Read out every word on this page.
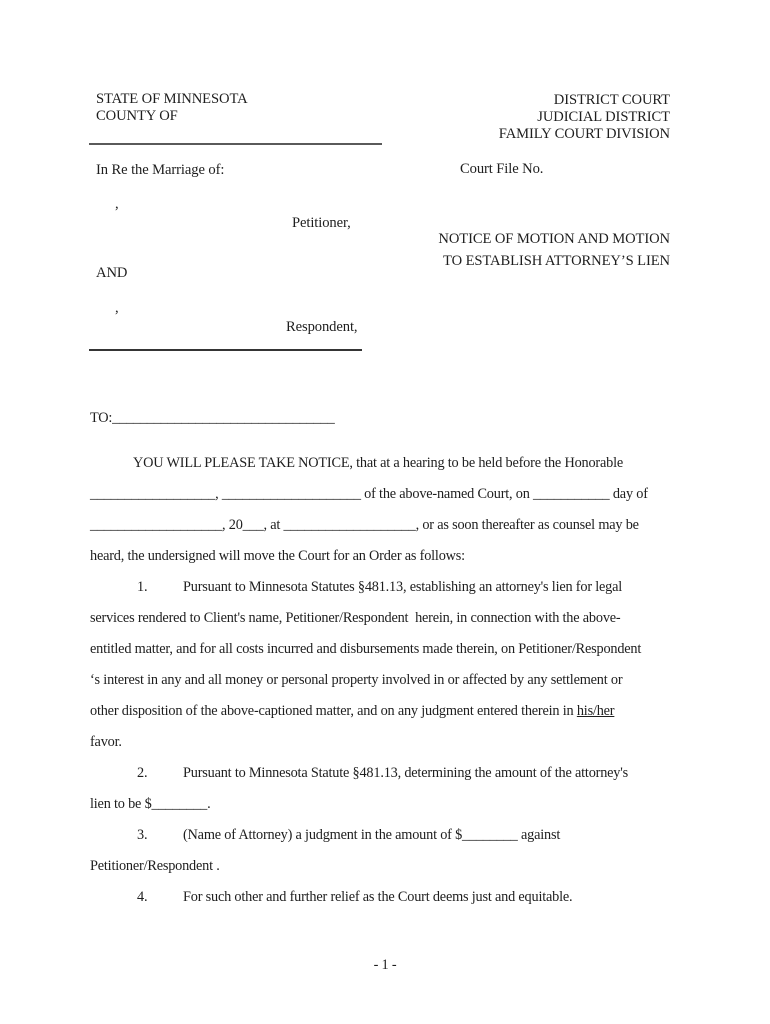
STATE OF MINNESOTA
COUNTY OF
DISTRICT COURT
JUDICIAL DISTRICT
FAMILY COURT DIVISION
In Re the Marriage of:	Court File No.
,
Petitioner,
NOTICE OF MOTION AND MOTION
TO ESTABLISH ATTORNEY’S LIEN
AND
,
Respondent,
TO:________________________________
YOU WILL PLEASE TAKE NOTICE, that at a hearing to be held before the Honorable
__________________, ____________________ of the above-named Court, on ___________ day of
___________________, 20___, at ___________________, or as soon thereafter as counsel may be
heard, the undersigned will move the Court for an Order as follows:
1. Pursuant to Minnesota Statutes §481.13, establishing an attorney's lien for legal
services rendered to Client's name, Petitioner/Respondent  herein, in connection with the above-
entitled matter, and for all costs incurred and disbursements made therein, on Petitioner/Respondent
‘s interest in any and all money or personal property involved in or affected by any settlement or
other disposition of the above-captioned matter, and on any judgment entered therein in his/her
favor.
2. Pursuant to Minnesota Statute §481.13, determining the amount of the attorney's
lien to be $________.
3. (Name of Attorney) a judgment in the amount of $________ against
Petitioner/Respondent .
4. For such other and further relief as the Court deems just and equitable.
- 1 -
